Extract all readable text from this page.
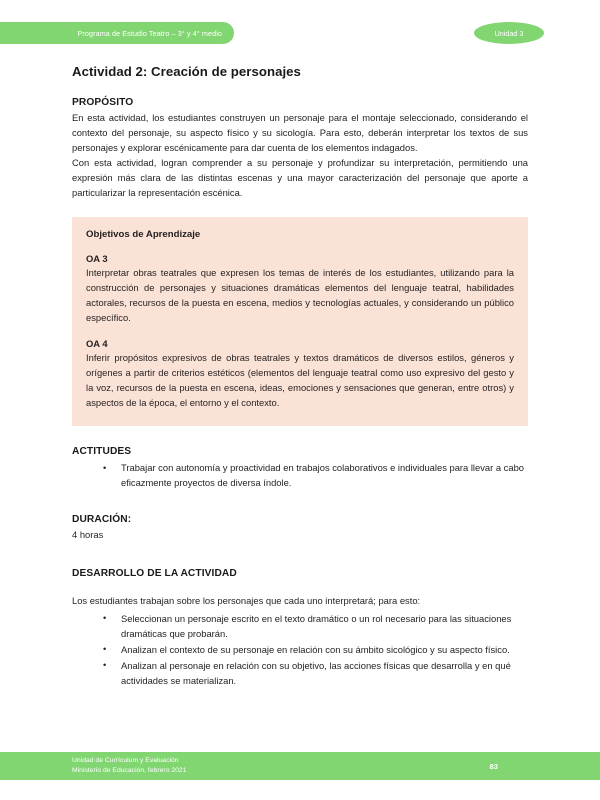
Programa de Estudio Teatro – 3° y 4° medio	Unidad 3
Actividad 2: Creación de personajes
PROPÓSITO

En esta actividad, los estudiantes construyen un personaje para el montaje seleccionado, considerando el contexto del personaje, su aspecto físico y su sicología. Para esto, deberán interpretar los textos de sus personajes y explorar escénicamente para dar cuenta de los elementos indagados.

Con esta actividad, logran comprender a su personaje y profundizar su interpretación, permitiendo una expresión más clara de las distintas escenas y una mayor caracterización del personaje que aporte a particularizar la representación escénica.

Objetivos de Aprendizaje
OA 3

Interpretar obras teatrales que expresen los temas de interés de los estudiantes, utilizando para la construcción de personajes y situaciones dramáticas elementos del lenguaje teatral, habilidades actorales, recursos de la puesta en escena, medios y tecnologías actuales, y considerando un público específico.

OA 4

Inferir propósitos expresivos de obras teatrales y textos dramáticos de diversos estilos, géneros y orígenes a partir de criterios estéticos (elementos del lenguaje teatral como uso expresivo del gesto y la voz, recursos de la puesta en escena, ideas, emociones y sensaciones que generan, entre otros) y aspectos de la época, el entorno y el contexto.

ACTITUDES
• Trabajar con autonomía y proactividad en trabajos colaborativos e individuales para llevar a cabo eficazmente proyectos de diversa índole.
DURACIÓN:

4 horas

DESARROLLO DE LA ACTIVIDAD

Los estudiantes trabajan sobre los personajes que cada uno interpretará; para esto:

• Seleccionan un personaje escrito en el texto dramático o un rol necesario para las situaciones dramáticas que probarán.
• Analizan el contexto de su personaje en relación con su ámbito sicológico y su aspecto físico.
• Analizan al personaje en relación con su objetivo, las acciones físicas que desarrolla y en qué actividades se materializan.
Unidad de Currículum y Evaluación
Ministerio de Educación, febrero 2021	83
